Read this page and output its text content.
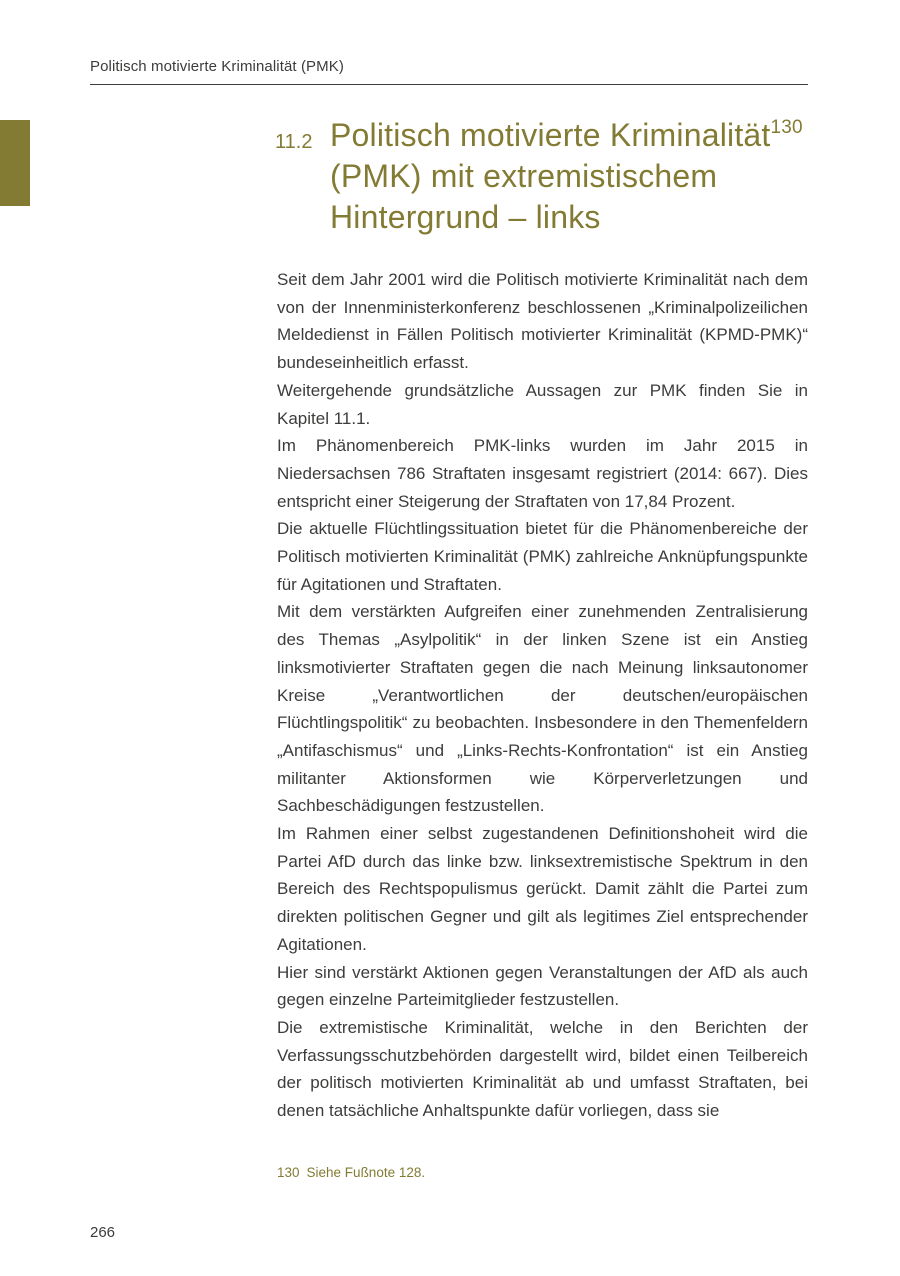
Politisch motivierte Kriminalität (PMK)
11.2 Politisch motivierte Kriminalität$^{130}$
(PMK) mit extremistischem
Hintergrund – links

Seit dem Jahr 2001 wird die Politisch motivierte Kriminalität nach dem von der Innenministerkonferenz beschlossenen „Kriminalpolizeilichen Meldedienst in Fällen Politisch motivierter Kriminalität (KPMD-PMK)“ bundeseinheitlich erfasst.

Weitergehende grundsätzliche Aussagen zur PMK finden Sie in Kapitel 11.1.

Im Phänomenbereich PMK-links wurden im Jahr 2015 in Niedersachsen 786 Straftaten insgesamt registriert (2014: 667). Dies entspricht einer Steigerung der Straftaten von 17,84 Prozent.

Die aktuelle Flüchtlingssituation bietet für die Phänomenbereiche der Politisch motivierten Kriminalität (PMK) zahlreiche Anknüpfungspunkte für Agitationen und Straftaten.

Mit dem verstärkten Aufgreifen einer zunehmenden Zentralisierung des Themas „Asylpolitik“ in der linken Szene ist ein Anstieg linksmotivierter Straftaten gegen die nach Meinung linksautonomer Kreise „Verantwortlichen der deutschen/europäischen Flüchtlingspolitik“ zu beobachten. Insbesondere in den Themenfeldern „Antifaschismus“ und „Links-Rechts-Konfrontation“ ist ein Anstieg militanter Aktionsformen wie Körperverletzungen und Sachbeschädigungen festzustellen.

Im Rahmen einer selbst zugestandenen Definitionshoheit wird die Partei AfD durch das linke bzw. linksextremistische Spektrum in den Bereich des Rechtspopulismus gerückt. Damit zählt die Partei zum direkten politischen Gegner und gilt als legitimes Ziel entsprechender Agitationen.

Hier sind verstärkt Aktionen gegen Veranstaltungen der AfD als auch gegen einzelne Parteimitglieder festzustellen.

Die extremistische Kriminalität, welche in den Berichten der Verfassungsschutzbehörden dargestellt wird, bildet einen Teilbereich der politisch motivierten Kriminalität ab und umfasst Straftaten, bei denen tatsächliche Anhaltspunkte dafür vorliegen, dass sie

130 Siehe Fußnote 128.
266
